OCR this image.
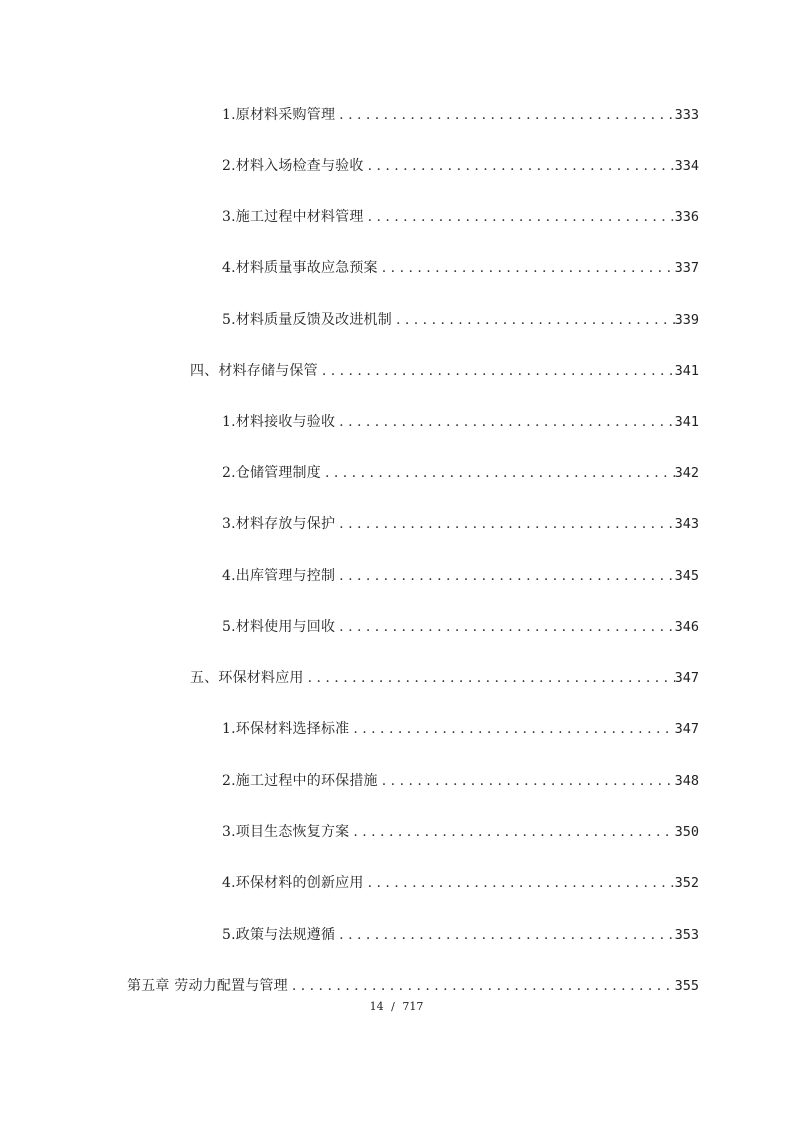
1.原材料采购管理 . . .	333
2.材料入场检查与验收 . . .	334
3.施工过程中材料管理 . . .	336
4.材料质量事故应急预案 . . .	337
5.材料质量反馈及改进机制 . . .	339
四、材料存储与保管 . . .	341
1.材料接收与验收 . . .	341
2.仓储管理制度 . . .	342
3.材料存放与保护 . . .	343
4.出库管理与控制 . . .	345
5.材料使用与回收 . . .	346
五、环保材料应用 . . .	347
1.环保材料选择标准 . . .	347
2.施工过程中的环保措施 . . .	348
3.项目生态恢复方案 . . .	350
4.环保材料的创新应用 . . .	352
5.政策与法规遵循 . . .	353
第五章 劳动力配置与管理 . . .	355
14 / 717
